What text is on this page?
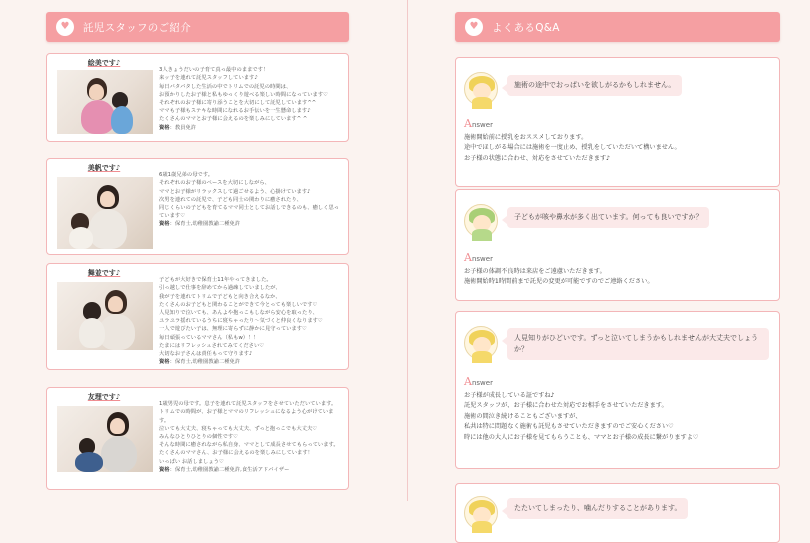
♥	託児スタッフのご紹介
絵美です♪

3人きょうだいの子育て真っ最中のままです！
来ッ子を連れて託児スタッフしています♪
毎日バタバタした生活の中でトリムでの託児の時間は、
お預かりしたお子様と私もゆっくり遊べる楽しい時間になっています♡
それぞれのお子様に寄り添うことを大切にして託児しています^^
ママも子様もステキな時間になれるお手伝いを一生懸命します♪
たくさんのママとお子様に会えるのを楽しみにしています^ ^

資格：教員免許

美帆です♪

6歳1歳兄弟の母です。
それぞれのお子様のペースを大切にしながら、
ママとお子様がリラックスして過ごせるよう、心掛けています♪
次男を連れての託児で、子ども同士の関わりに癒されたり、
同じくらいの子どもを育てるママ同士としてお話しできるのも、癒しく思っています♡

資格：保育士,幼稚園教諭二種免許

舞並です♪

子どもが大好きで保育士11年やってきました。
引っ越しで仕事を辞めてから過疎していましたが、
我が子を連れてトリムで子どもと向き合えるなか、
たくさんのお子どもと関わることができて今とっても楽しいです♡
人見知りで泣いても、あんよや抱っこもしながら安心を取ったり、
ユラユラ揺れているうちに寝ちゃったり〜気づくと仲良くなります♡
一人で遊びたい子は、無理に寄らずに静かに見守っています♡
毎日頑張っているママさん（私もw）！！
たまにはリフレッシュされてみてください♡
大切なお子さんは責任もって守ります♪

資格：保育士,幼稚園教諭二種免許

友理です♪

1歳男児の母です。息子を連れて託児スタッフをさせていただいています。
トリムでの時間が、お子様とママのリフレッシュになるよう心がけています。
泣いても大丈夫、寝ちゃっても大丈夫、ずっと抱っこでも大丈夫♡
みんなひとりひとりの個性です♡
そんな時間に癒されながら私自身、ママとして成長させてもらっています。
たくさんのママさん、お子様に会えるのを楽しみにしています！
いっぱい お話しましょう♡

資格：保育士,幼稚園教諭二種免許,食生活アドバイザー

♥	よくあるQ&A
施術の途中でおっぱいを欲しがるかもしれません。
Answer
施術開始前に授乳をおススメしております。
途中でほしがる場合には施術を一度止め、授乳をしていただいて構いません。
お子様の状態に合わせ、対応をさせていただきます♪
子どもが咳や鼻水が多く出ています。何っても良いですか？
Answer
お子様の体調不良時は来店をご遠慮いただきます。
施術開始時1時間前まで託児の変更が可能ですのでご連絡ください。
人見知りがひどいです。ずっと泣いてしまうかもしれませんが大丈夫でしょうか？
Answer
お子様が成長している証ですね♪
託児スタッフが、お子様に合わせた対応でお相手をさせていただきます。
施術の間泣き続けることもございますが、
私共は特に問題なく施術も託児もさせていただきますのでご安心ください♡
時には他の大人にお子様を見てもらうことも、ママとお子様の成長に繋がりますよ♡
たたいてしまったり、噛んだりすることがあります。
